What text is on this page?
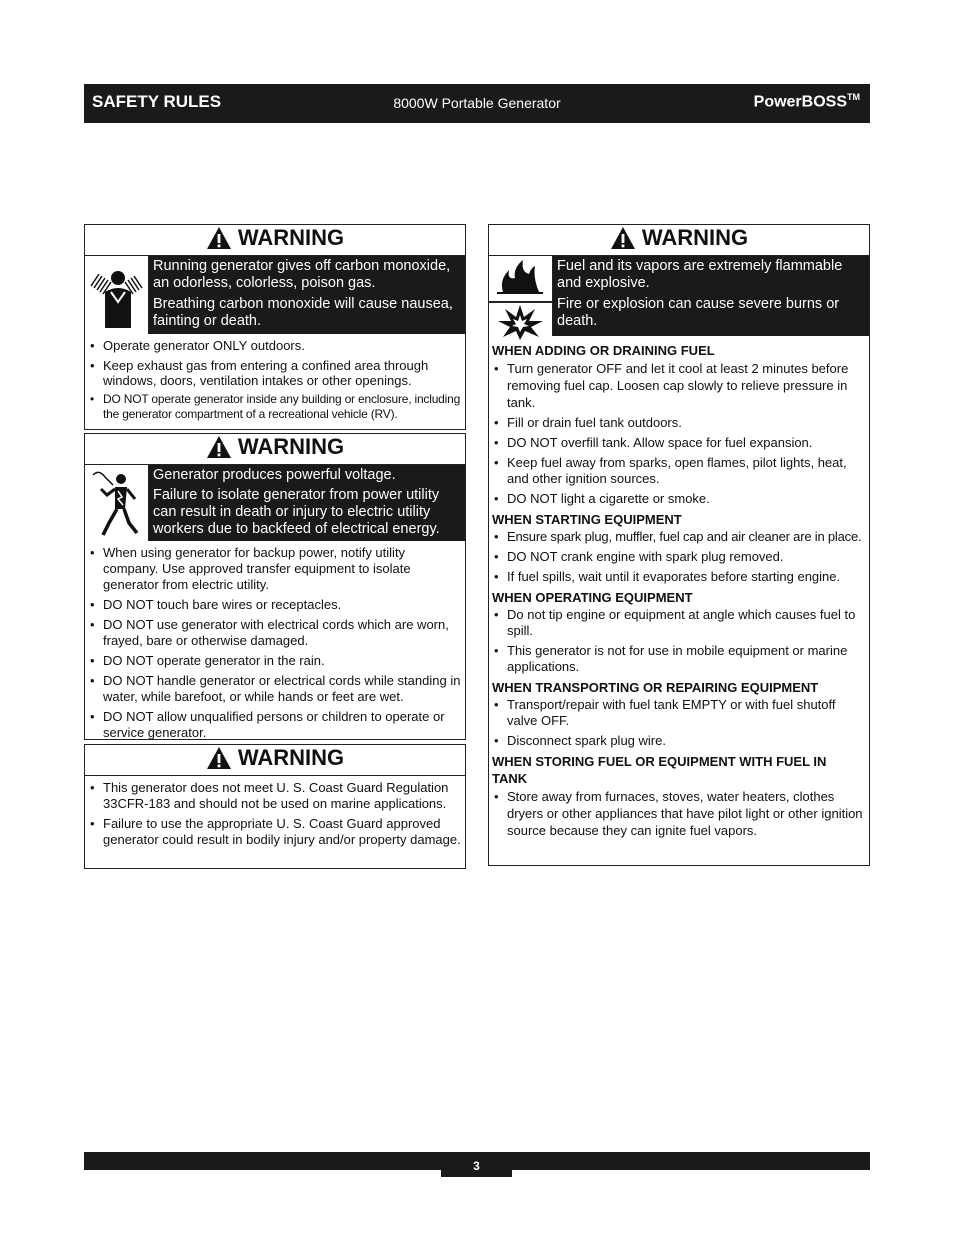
SAFETY RULES	8000W Portable Generator	PowerBOSS™
WARNING

Running generator gives off carbon monoxide, an odorless, colorless, poison gas.

Breathing carbon monoxide will cause nausea, fainting or death.

• Operate generator ONLY outdoors.
• Keep exhaust gas from entering a confined area through windows, doors, ventilation intakes or other openings.
• DO NOT operate generator inside any building or enclosure, including the generator compartment of a recreational vehicle (RV).
WARNING

Generator produces powerful voltage.

Failure to isolate generator from power utility can result in death or injury to electric utility workers due to backfeed of electrical energy.

• When using generator for backup power, notify utility company. Use approved transfer equipment to isolate generator from electric utility.
• DO NOT touch bare wires or receptacles.
• DO NOT use generator with electrical cords which are worn, frayed, bare or otherwise damaged.
• DO NOT operate generator in the rain.
• DO NOT handle generator or electrical cords while standing in water, while barefoot, or while hands or feet are wet.
• DO NOT allow unqualified persons or children to operate or service generator.
WARNING
• This generator does not meet U. S. Coast Guard Regulation 33CFR-183 and should not be used on marine applications.
• Failure to use the appropriate U. S. Coast Guard approved generator could result in bodily injury and/or property damage.
WARNING

Fuel and its vapors are extremely flammable and explosive.

Fire or explosion can cause severe burns or death.

WHEN ADDING OR DRAINING FUEL
• Turn generator OFF and let it cool at least 2 minutes before removing fuel cap. Loosen cap slowly to relieve pressure in tank.
• Fill or drain fuel tank outdoors.
• DO NOT overfill tank. Allow space for fuel expansion.
• Keep fuel away from sparks, open flames, pilot lights, heat, and other ignition sources.
• DO NOT light a cigarette or smoke.
WHEN STARTING EQUIPMENT
• Ensure spark plug, muffler, fuel cap and air cleaner are in place.
• DO NOT crank engine with spark plug removed.
• If fuel spills, wait until it evaporates before starting engine.
WHEN OPERATING EQUIPMENT
• Do not tip engine or equipment at angle which causes fuel to spill.
• This generator is not for use in mobile equipment or marine applications.
WHEN TRANSPORTING OR REPAIRING EQUIPMENT
• Transport/repair with fuel tank EMPTY or with fuel shutoff valve OFF.
• Disconnect spark plug wire.
WHEN STORING FUEL OR EQUIPMENT WITH FUEL IN TANK
• Store away from furnaces, stoves, water heaters, clothes dryers or other appliances that have pilot light or other ignition source because they can ignite fuel vapors.
3
